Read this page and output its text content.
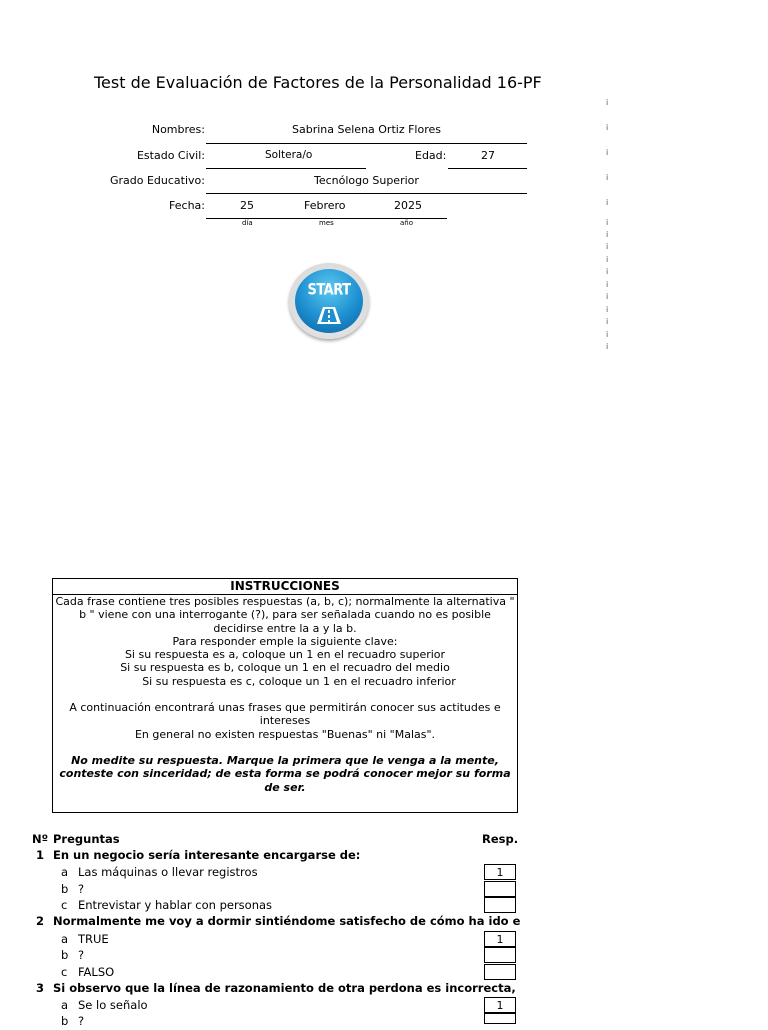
Test de Evaluación de Factores de la Personalidad 16-PF
Nombres:	Sabrina Selena Ortiz Flores
Estado Civil:	Soltera/o	Edad:	27
Grado Educativo:	Tecnólogo Superior
Fecha:	25	Febrero	2025
día	mes	año
i
i
i
i
i
i
i
i
i
i
i
i
i
i
i
i
START
INSTRUCCIONES

Cada frase contiene tres posibles respuestas (a, b, c); normalmente la alternativa " b " viene con una interrogante (?), para ser señalada cuando no es posible decidirse entre la a y la b.

Para responder emple la siguiente clave:

Si su respuesta es a, coloque un 1 en el recuadro superior

Si su respuesta es b, coloque un 1 en el recuadro del medio

Si su respuesta es c, coloque un 1 en el recuadro inferior

A continuación encontrará unas frases que permitirán conocer sus actitudes e intereses

En general no existen respuestas "Buenas" ni "Malas".

No medite su respuesta. Marque la primera que le venga a la mente, conteste con sinceridad; de esta forma se podrá conocer mejor su forma de ser.

Nº Preguntas	Resp.
1 En un negocio sería interesante encargarse de:
a Las máquinas o llevar registros	1
b ?
c Entrevistar y hablar con personas
2 Normalmente me voy a dormir sintiéndome satisfecho de cómo ha ido e
a TRUE	1
b ?
c FALSO
3 Si observo que la línea de razonamiento de otra perdona es incorrecta,
a Se lo señalo	1
b ?
